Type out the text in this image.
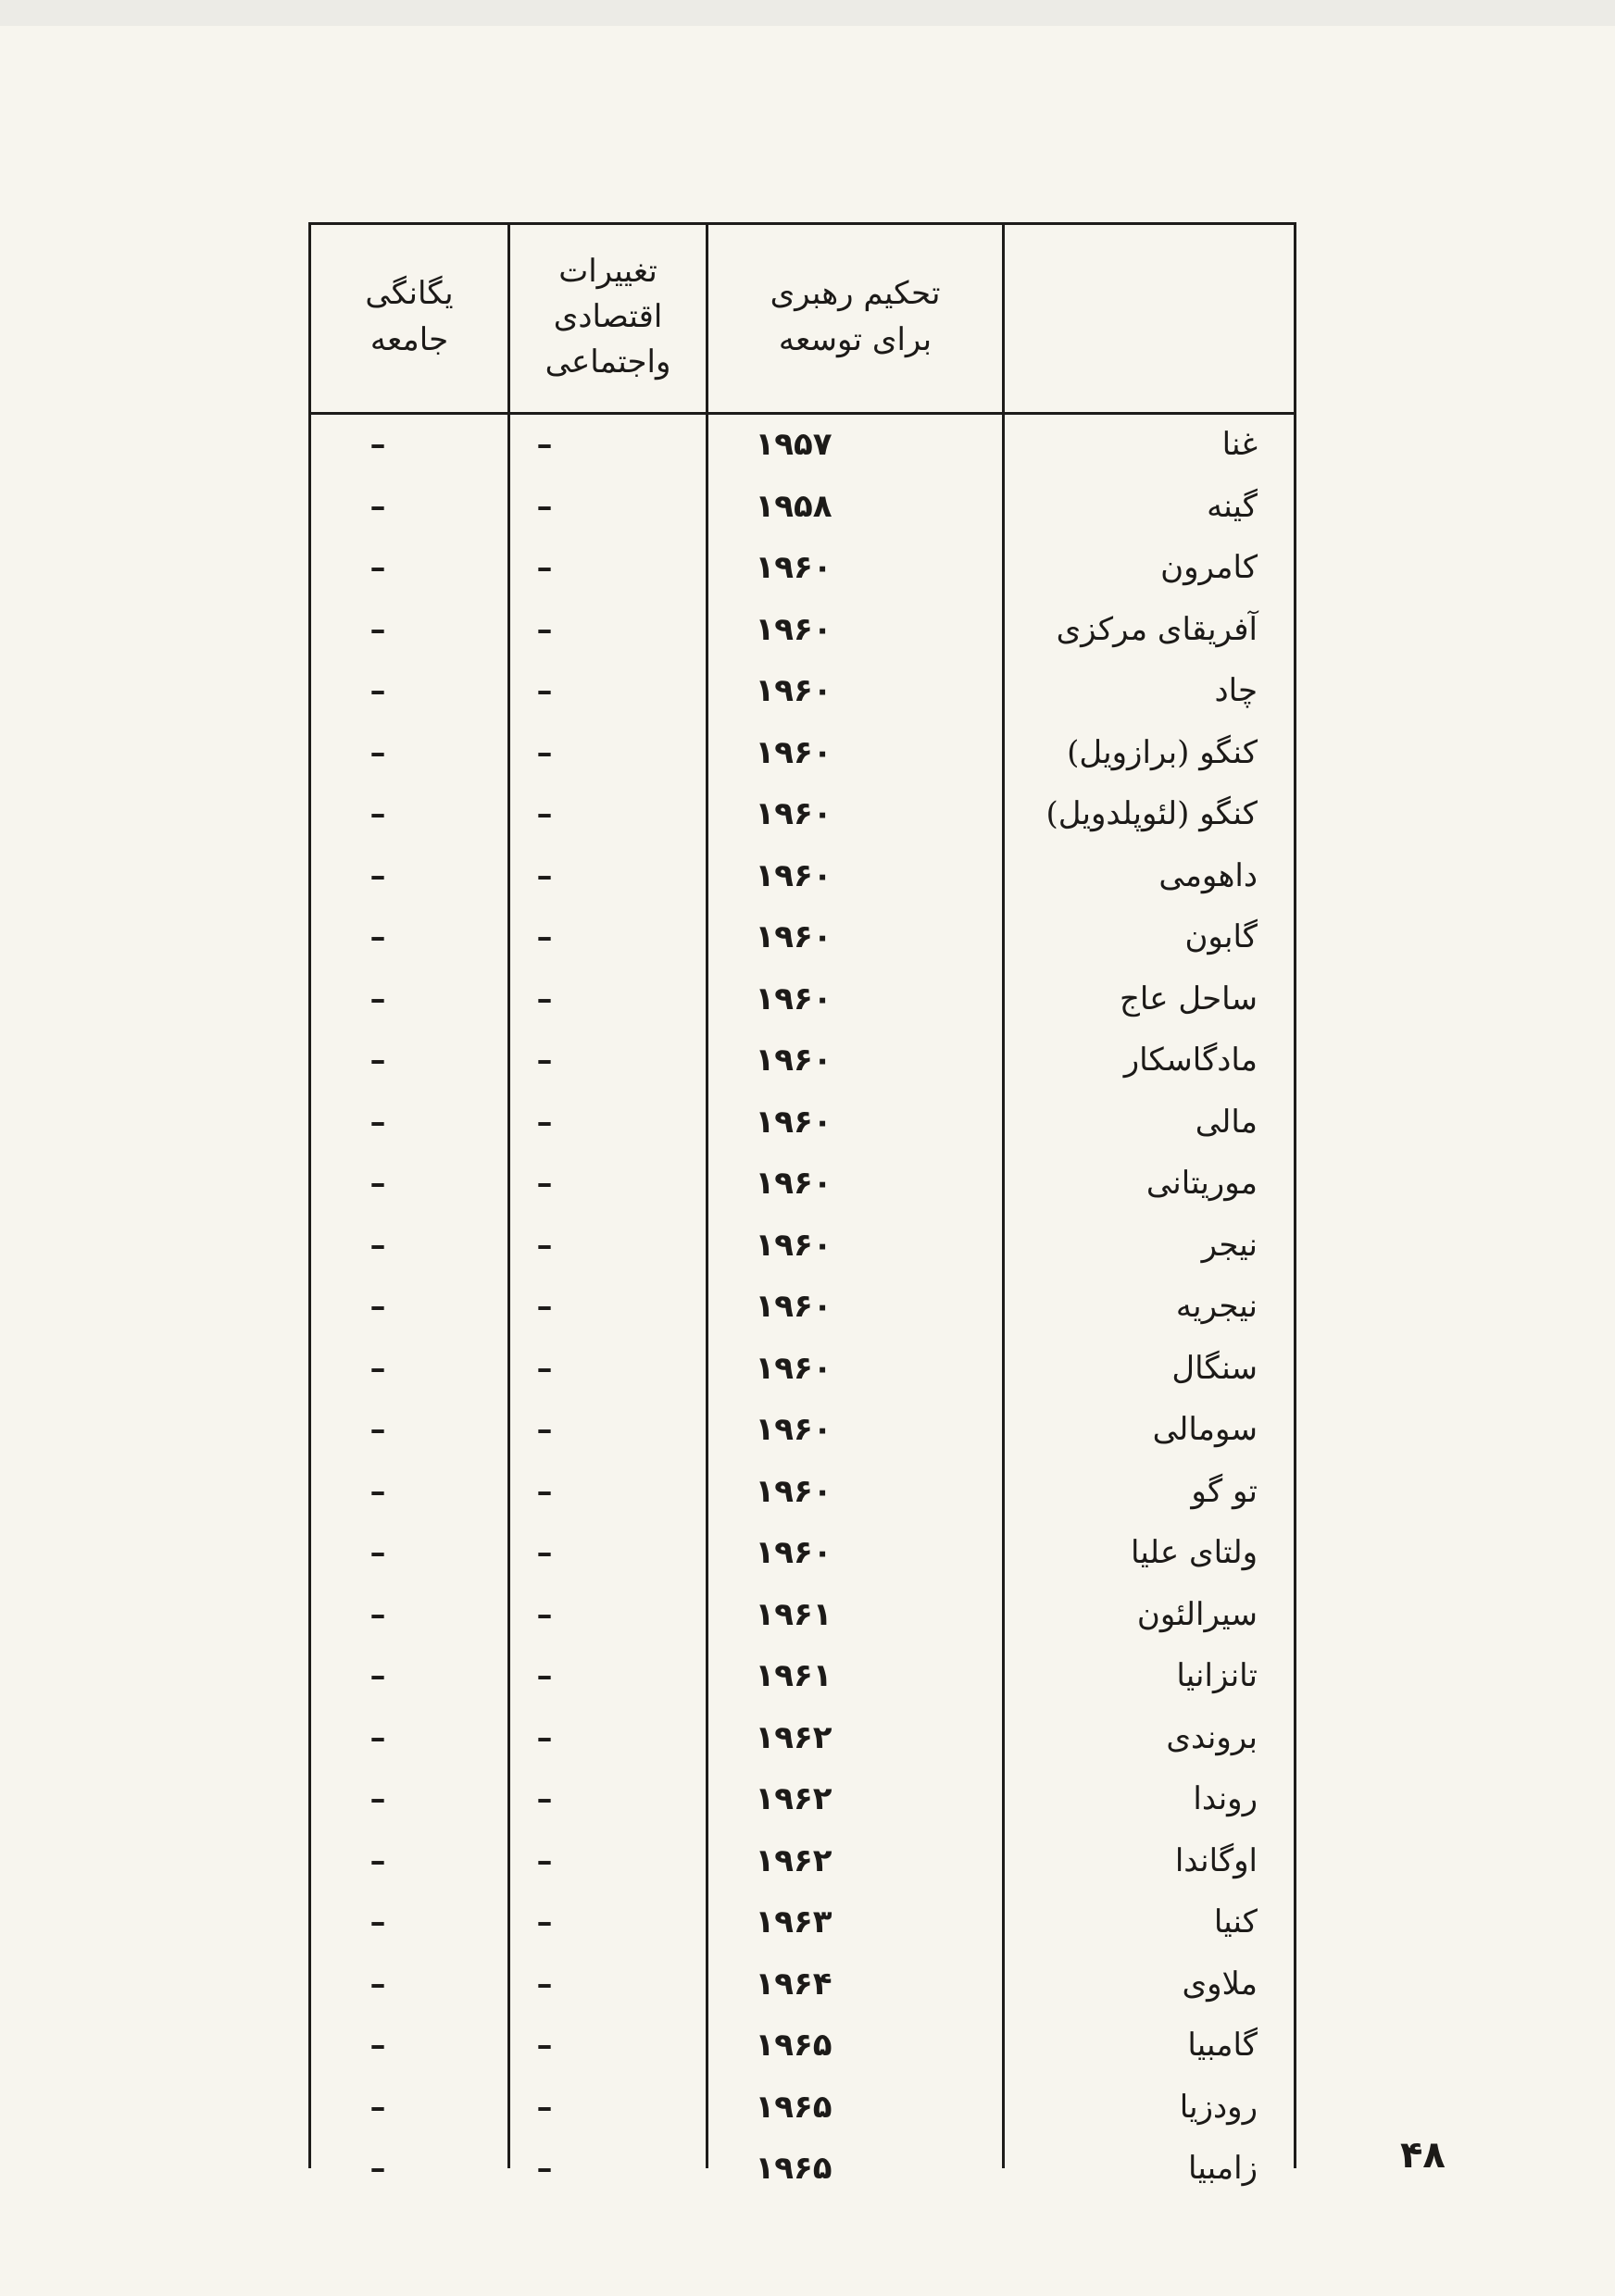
تحکیم رهبری
برای توسعه
تغییرات
اقتصادی
واجتماعی
یگانگی
جامعه
غنا
۱۹۵۷
–
–
گینه
۱۹۵۸
–
–
کامرون
۱۹۶۰
–
–
آفریقای مرکزی
۱۹۶۰
–
–
چاد
۱۹۶۰
–
–
کنگو (برازویل)
۱۹۶۰
–
–
کنگو (لئوپلدویل)
۱۹۶۰
–
–
داهومی
۱۹۶۰
–
–
گابون
۱۹۶۰
–
–
ساحل عاج
۱۹۶۰
–
–
مادگاسکار
۱۹۶۰
–
–
مالی
۱۹۶۰
–
–
موریتانی
۱۹۶۰
–
–
نیجر
۱۹۶۰
–
–
نیجریه
۱۹۶۰
–
–
سنگال
۱۹۶۰
–
–
سومالی
۱۹۶۰
–
–
تو گو
۱۹۶۰
–
–
ولتای علیا
۱۹۶۰
–
–
سیرالئون
۱۹۶۱
–
–
تانزانیا
۱۹۶۱
–
–
بروندی
۱۹۶۲
–
–
روندا
۱۹۶۲
–
–
اوگاندا
۱۹۶۲
–
–
کنیا
۱۹۶۳
–
–
ملاوی
۱۹۶۴
–
–
گامبیا
۱۹۶۵
–
–
رودزیا
۱۹۶۵
–
–
زامبیا
۱۹۶۵
–
–	۴۸
